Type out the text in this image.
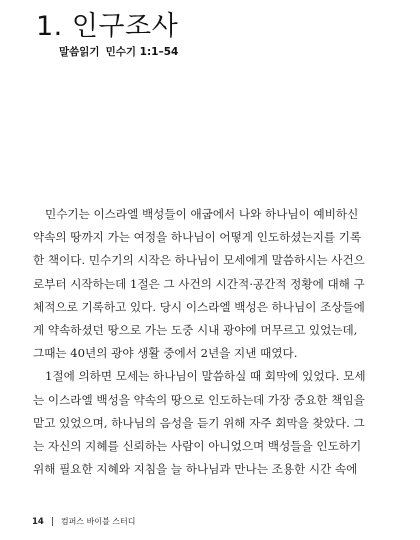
1. 인구조사
말씀읽기 민수기 1:1–54

민수기는 이스라엘 백성들이 애굽에서 나와 하나님이 예비하신
약속의 땅까지 가는 여정을 하나님이 어떻게 인도하셨는지를 기록
한 책이다. 민수기의 시작은 하나님이 모세에게 말씀하시는 사건으
로부터 시작하는데 1절은 그 사건의 시간적·공간적 정황에 대해 구
체적으로 기록하고 있다. 당시 이스라엘 백성은 하나님이 조상들에
게 약속하셨던 땅으로 가는 도중 시내 광야에 머무르고 있었는데,
그때는 40년의 광야 생활 중에서 2년을 지낸 때였다.

1절에 의하면 모세는 하나님이 말씀하실 때 회막에 있었다. 모세
는 이스라엘 백성을 약속의 땅으로 인도하는데 가장 중요한 책임을
맡고 있었으며, 하나님의 음성을 듣기 위해 자주 회막을 찾았다. 그
는 자신의 지혜를 신뢰하는 사람이 아니었으며 백성들을 인도하기
위해 필요한 지혜와 지침을 늘 하나님과 만나는 조용한 시간 속에

14 컴퍼스 바이블 스터디
